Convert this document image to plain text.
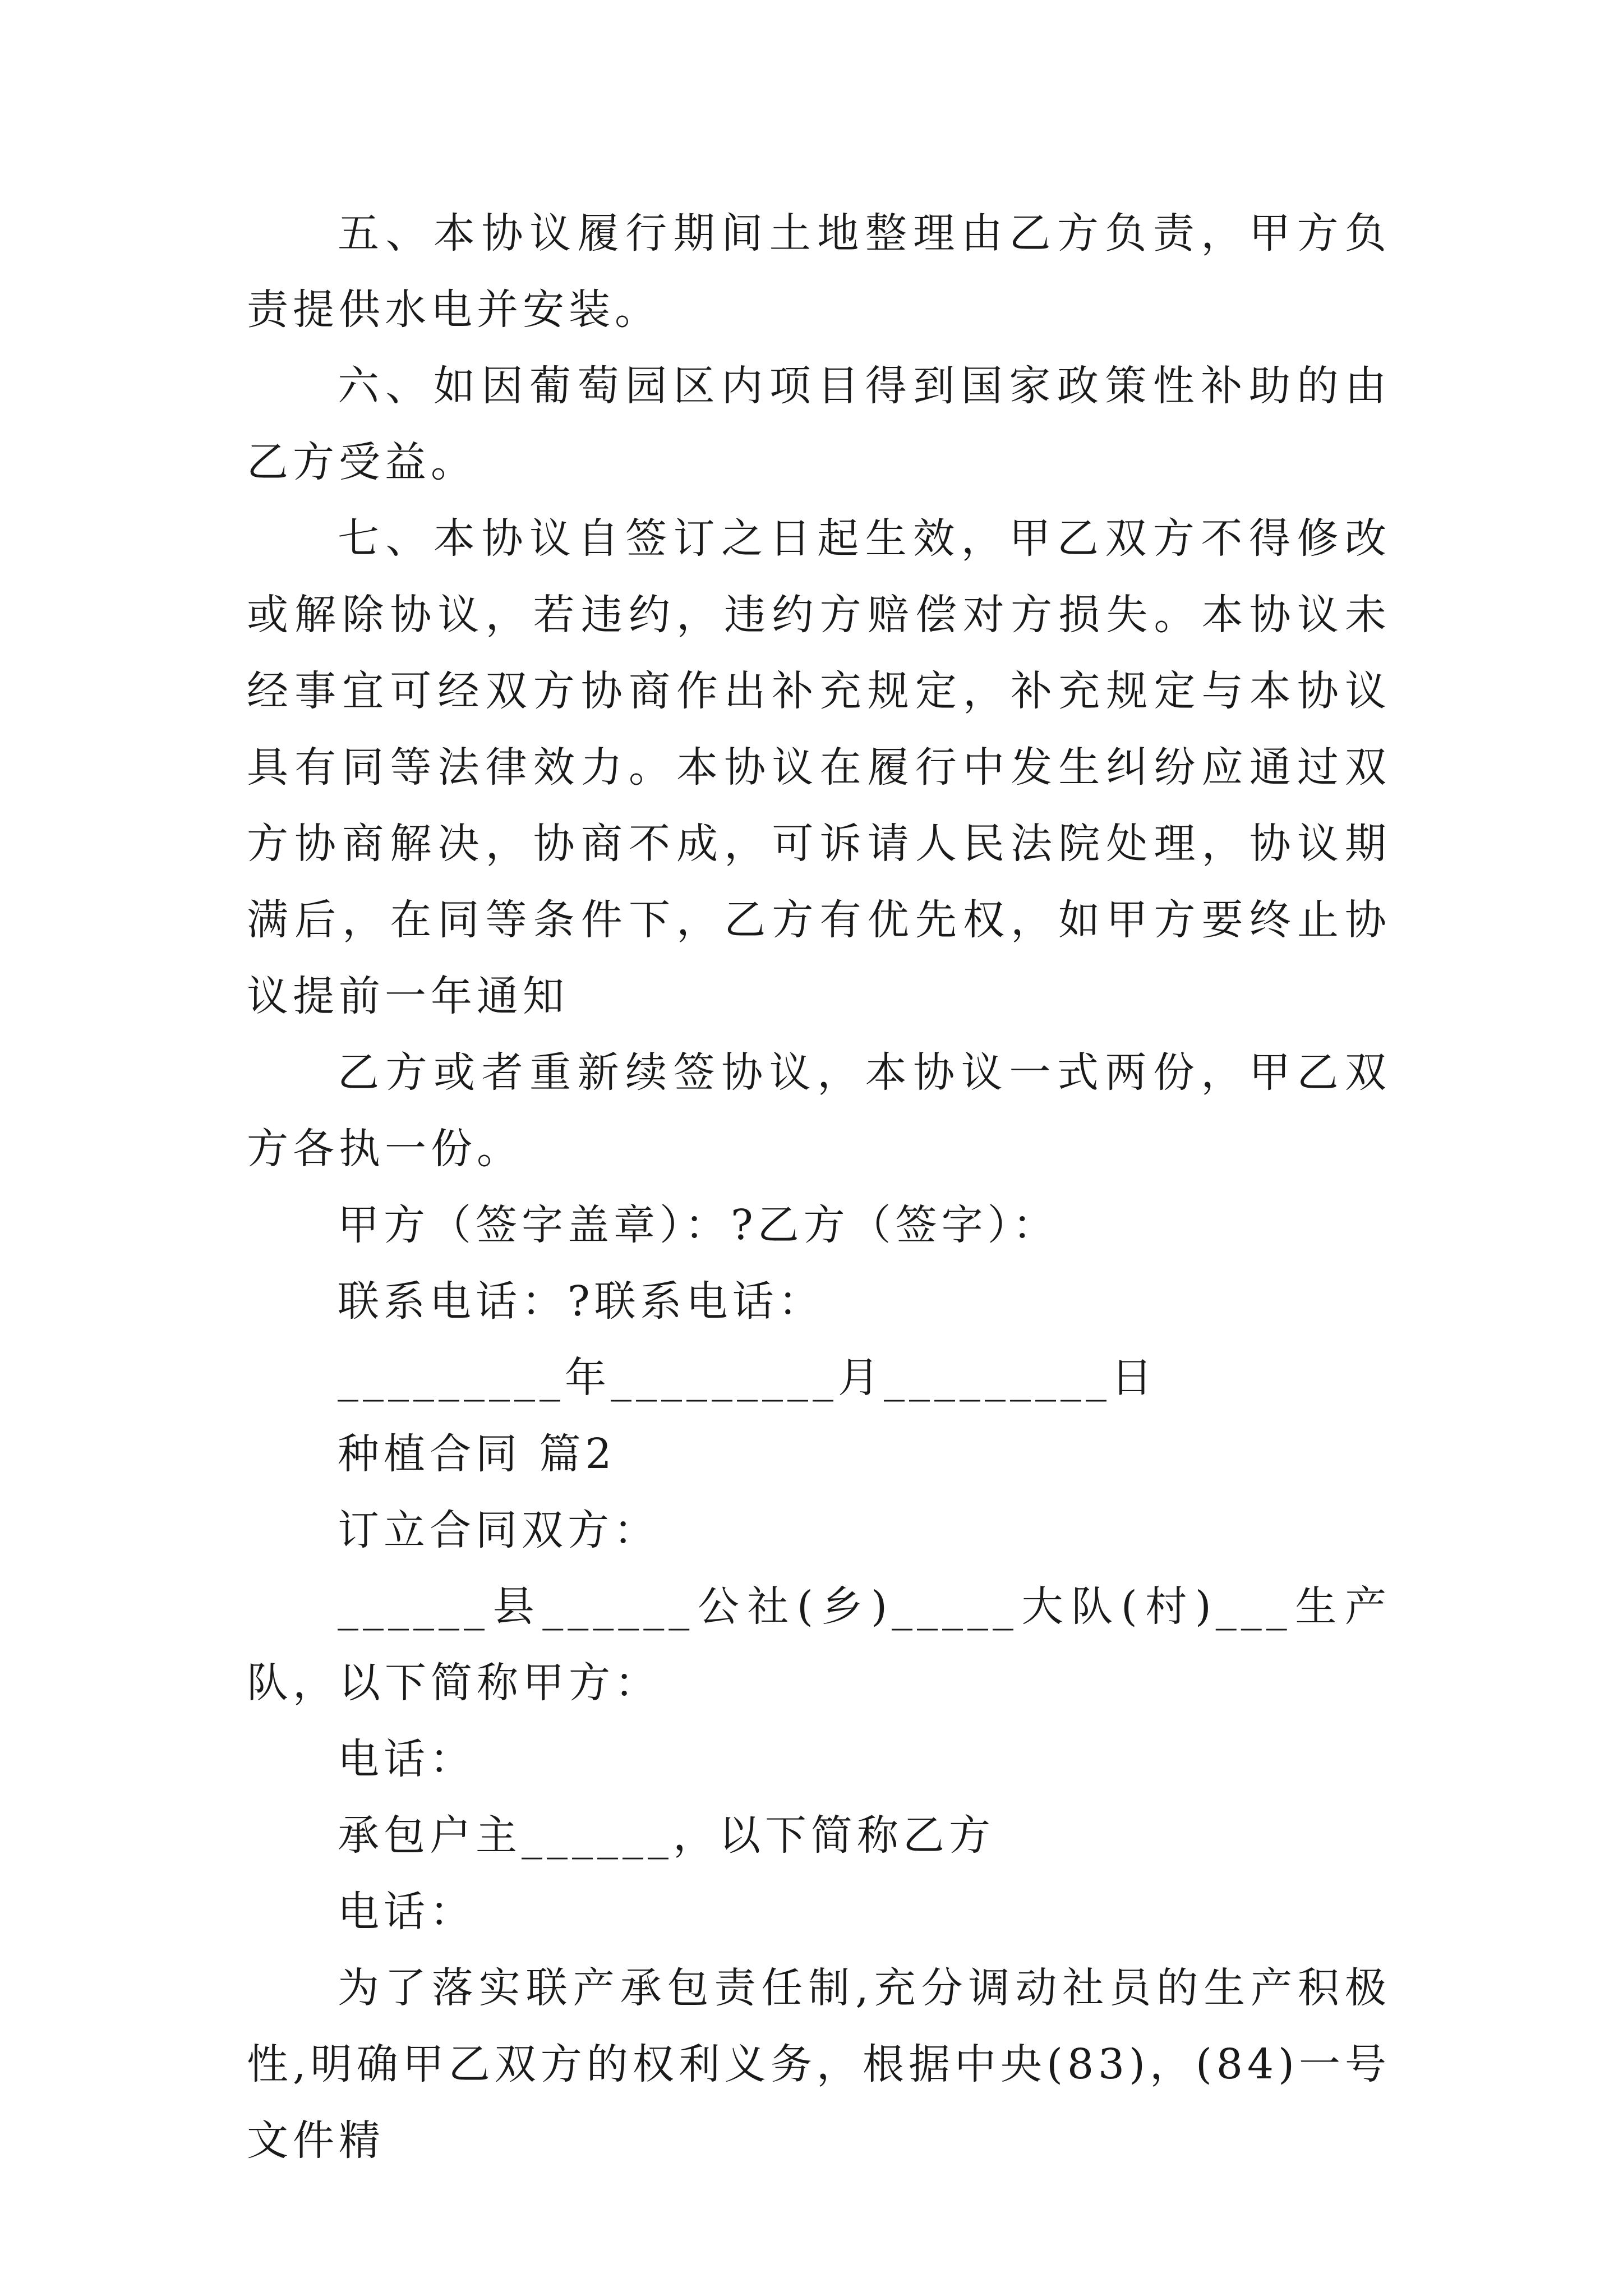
五、本协议履行期间土地整理由乙方负责，甲方负责提供水电并安装。

六、如因葡萄园区内项目得到国家政策性补助的由乙方受益。

七、本协议自签订之日起生效，甲乙双方不得修改或解除协议，若违约，违约方赔偿对方损失。本协议未经事宜可经双方协商作出补充规定，补充规定与本协议具有同等法律效力。本协议在履行中发生纠纷应通过双方协商解决，协商不成，可诉请人民法院处理，协议期满后，在同等条件下，乙方有优先权，如甲方要终止协议提前一年通知

乙方或者重新续签协议，本协议一式两份，甲乙双方各执一份。

甲方（签字盖章）：?乙方（签字）：

联系电话：?联系电话：

_________年_________月_________日

种植合同 篇2

订立合同双方：

______县______公社(乡)_____大队(村)___生产队，以下简称甲方：

电话：

承包户主______，以下简称乙方

电话：

为了落实联产承包责任制,充分调动社员的生产积极性,明确甲乙双方的权利义务，根据中央(83)，(84)一号文件精
